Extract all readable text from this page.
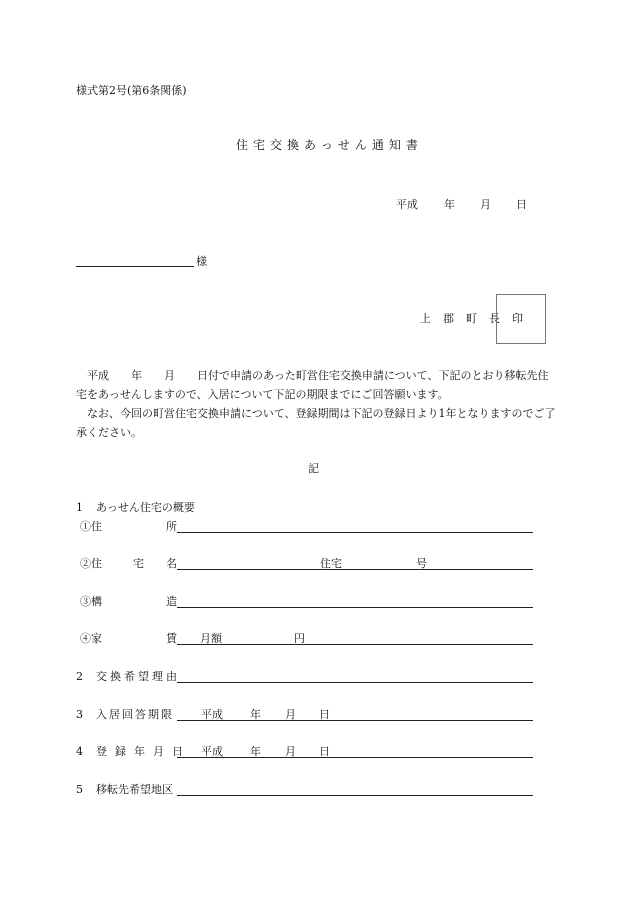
様式第2号(第6条関係)
住宅交換あっせん通知書
平成 年 月 日
様
上 郡 町 長 印
平成　　年　　月　　日付で申請のあった町営住宅交換申請について、下記のとおり移転先住宅をあっせんしますので、入居について下記の期限までにご回答願います。
なお、今回の町営住宅交換申請について、登録期間は下記の登録日より1年となりますのでご了承ください。
記
1 あっせん住宅の概要
①住	所
②住	宅 名	住宅	号
③構	造
④家	賃 月額	円
2 交換希望理由
3 入居回答期限 平成 年 月 日
4 登録年月日 平成 年 月 日
5 移転先希望地区
